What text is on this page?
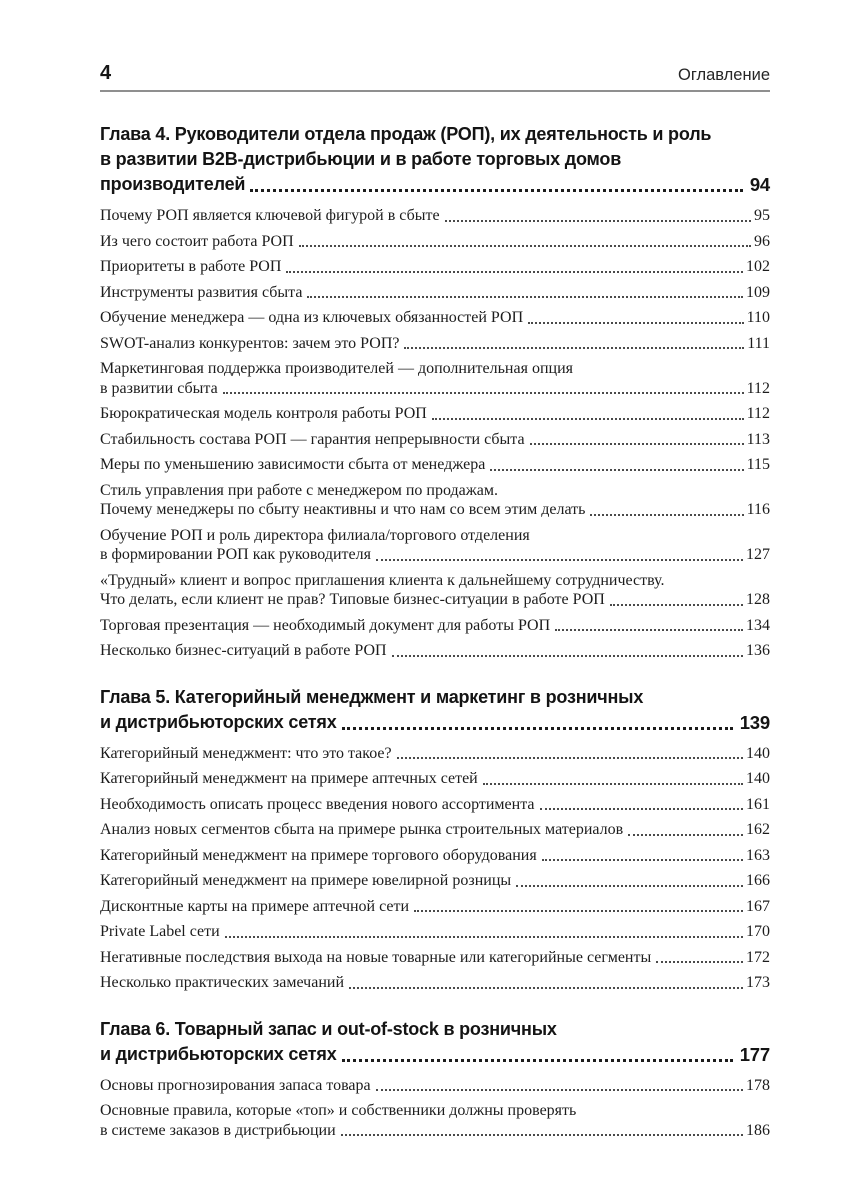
4	Оглавление
Глава 4. Руководители отдела продаж (РОП), их деятельность и роль
в развитии B2B-дистрибьюции и в работе торговых домов
производителей	94
Почему РОП является ключевой фигурой в сбыте	95
Из чего состоит работа РОП	96
Приоритеты в работе РОП	102
Инструменты развития сбыта	109
Обучение менеджера — одна из ключевых обязанностей РОП	110
SWOT-анализ конкурентов: зачем это РОП?	111
Маркетинговая поддержка производителей — дополнительная опция
в развитии сбыта	112
Бюрократическая модель контроля работы РОП	112
Стабильность состава РОП — гарантия непрерывности сбыта	113
Меры по уменьшению зависимости сбыта от менеджера	115
Стиль управления при работе с менеджером по продажам.
Почему менеджеры по сбыту неактивны и что нам со всем этим делать	116
Обучение РОП и роль директора филиала/торгового отделения
в формировании РОП как руководителя	127
«Трудный» клиент и вопрос приглашения клиента к дальнейшему сотрудничеству.
Что делать, если клиент не прав? Типовые бизнес-ситуации в работе РОП	128
Торговая презентация — необходимый документ для работы РОП	134
Несколько бизнес-ситуаций в работе РОП	136
Глава 5. Категорийный менеджмент и маркетинг в розничных
и дистрибьюторских сетях	139
Категорийный менеджмент: что это такое?	140
Категорийный менеджмент на примере аптечных сетей	140
Необходимость описать процесс введения нового ассортимента	161
Анализ новых сегментов сбыта на примере рынка строительных материалов	162
Категорийный менеджмент на примере торгового оборудования	163
Категорийный менеджмент на примере ювелирной розницы	166
Дисконтные карты на примере аптечной сети	167
Private Label сети	170
Негативные последствия выхода на новые товарные или категорийные сегменты	172
Несколько практических замечаний	173
Глава 6. Товарный запас и out-of-stock в розничных
и дистрибьюторских сетях	177
Основы прогнозирования запаса товара	178
Основные правила, которые «топ» и собственники должны проверять
в системе заказов в дистрибьюции	186
